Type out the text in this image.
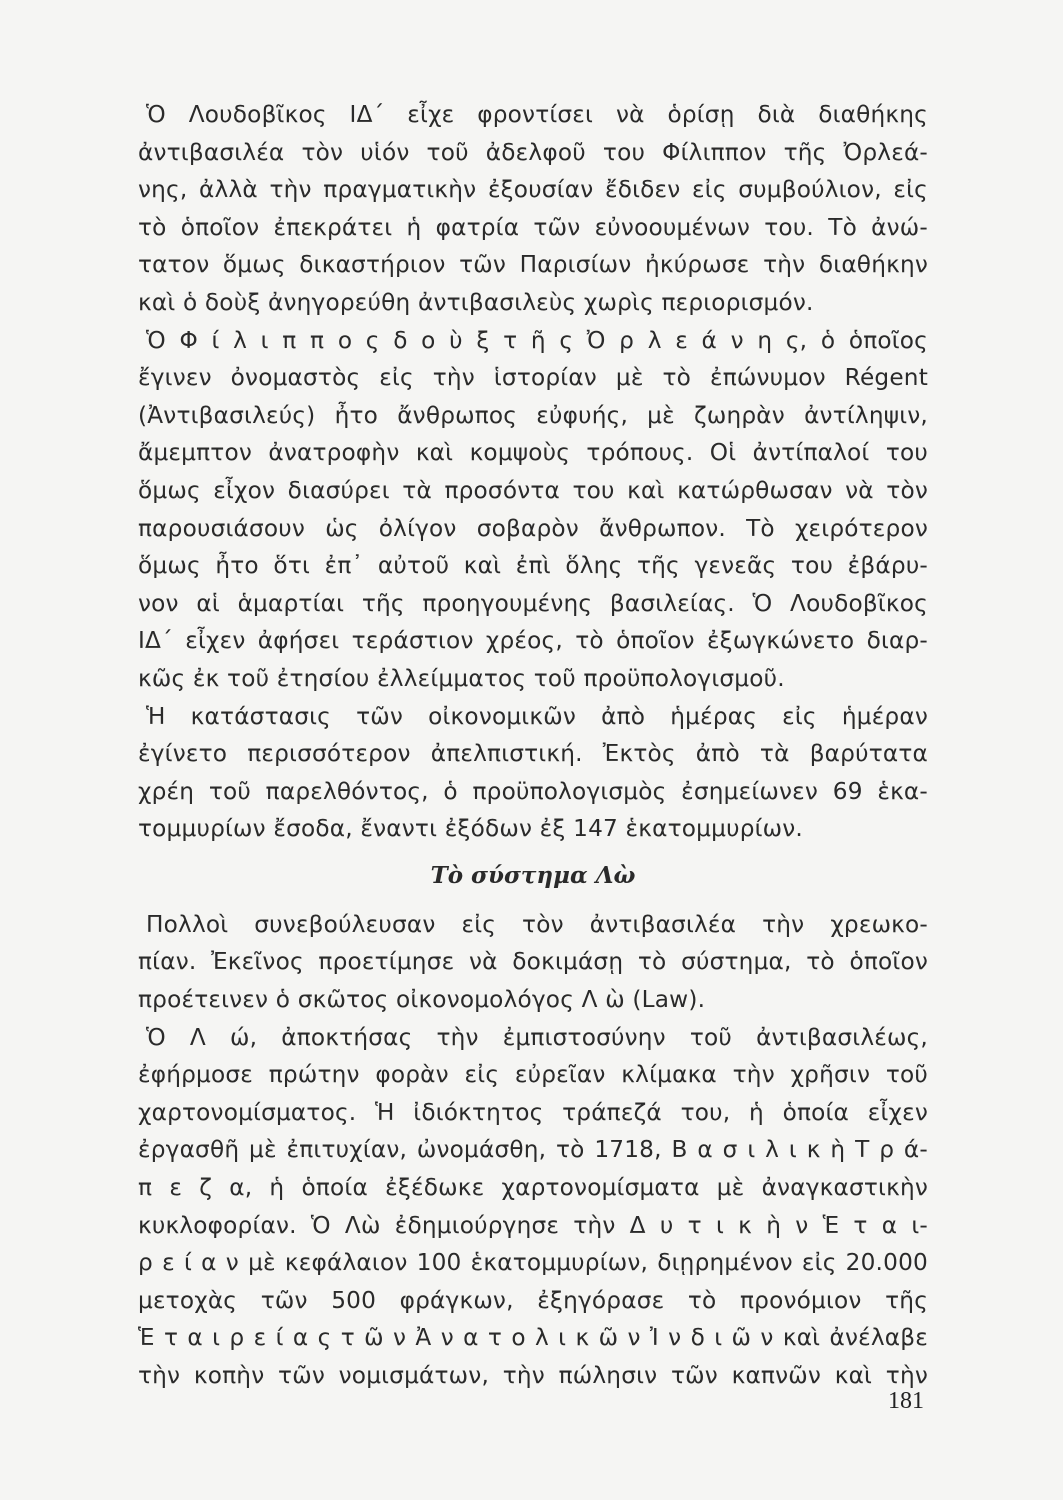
Ὁ Λουδοβῖκος ΙΔ΄ εἶχε φροντίσει νὰ ὁρίσῃ διὰ διαθήκης
ἀντιβασιλέα τὸν υἱόν τοῦ ἀδελφοῦ του Φίλιππον τῆς Ὀρλεά-
νης, ἀλλὰ τὴν πραγματικὴν ἐξουσίαν ἔδιδεν εἰς συμβούλιον, εἰς
τὸ ὁποῖον ἐπεκράτει ἡ φατρία τῶν εὐνοουμένων του. Τὸ ἀνώ-
τατον ὅμως δικαστήριον τῶν Παρισίων ἠκύρωσε τὴν διαθήκην
καὶ ὁ δοὺξ ἀνηγορεύθη ἀντιβασιλεὺς χωρὶς περιορισμόν.
Ὁ Φ ί λ ι π π ο ς δ ο ὺ ξ τ ῆ ς Ὀ ρ λ ε ά ν η ς, ὁ ὁποῖος
ἔγινεν ὀνομαστὸς εἰς τὴν ἱστορίαν μὲ τὸ ἐπώνυμον Régent
(Ἀντιβασιλεύς) ἦτο ἄνθρωπος εὐφυής, μὲ ζωηρὰν ἀντίληψιν,
ἄμεμπτον ἀνατροφὴν καὶ κομψοὺς τρόπους. Οἱ ἀντίπαλοί του
ὅμως εἶχον διασύρει τὰ προσόντα του καὶ κατώρθωσαν νὰ τὸν
παρουσιάσουν ὡς ὀλίγον σοβαρὸν ἄνθρωπον. Τὸ χειρότερον
ὅμως ἦτο ὅτι ἐπ᾽ αὐτοῦ καὶ ἐπὶ ὅλης τῆς γενεᾶς του ἐβάρυ-
νον αἱ ἁμαρτίαι τῆς προηγουμένης βασιλείας. Ὁ Λουδοβῖκος
ΙΔ΄ εἶχεν ἀφήσει τεράστιον χρέος, τὸ ὁποῖον ἐξωγκώνετο διαρ-
κῶς ἐκ τοῦ ἐτησίου ἐλλείμματος τοῦ προϋπολογισμοῦ.
Ἡ κατάστασις τῶν οἰκονομικῶν ἀπὸ ἡμέρας εἰς ἡμέραν
ἐγίνετο περισσότερον ἀπελπιστική. Ἐκτὸς ἀπὸ τὰ βαρύτατα
χρέη τοῦ παρελθόντος, ὁ προϋπολογισμὸς ἐσημείωνεν 69 ἑκα-
τομμυρίων ἔσοδα, ἔναντι ἐξόδων ἐξ 147 ἑκατομμυρίων.
Τὸ σύστημα Λὼ
Πολλοὶ συνεβούλευσαν εἰς τὸν ἀντιβασιλέα τὴν χρεωκο-
πίαν. Ἐκεῖνος προετίμησε νὰ δοκιμάσῃ τὸ σύστημα, τὸ ὁποῖον
προέτεινεν ὁ σκῶτος οἰκονομολόγος Λ ὼ (Law).
Ὁ Λ ώ, ἀποκτήσας τὴν ἐμπιστοσύνην τοῦ ἀντιβασιλέως,
ἐφήρμοσε πρώτην φορὰν εἰς εὐρεῖαν κλίμακα τὴν χρῆσιν τοῦ
χαρτονομίσματος. Ἡ ἰδιόκτητος τράπεζά του, ἡ ὁποία εἶχεν
ἐργασθῆ μὲ ἐπιτυχίαν, ὠνομάσθη, τὸ 1718, Β α σ ι λ ι κ ὴ Τ ρ ά-
π ε ζ α, ἡ ὁποία ἐξέδωκε χαρτονομίσματα μὲ ἀναγκαστικὴν
κυκλοφορίαν. Ὁ Λὼ ἐδημιούργησε τὴν Δ υ τ ι κ ὴ ν Ἑ τ α ι-
ρ ε ί α ν μὲ κεφάλαιον 100 ἑκατομμυρίων, διῃρημένον εἰς 20.000
μετοχὰς τῶν 500 φράγκων, ἐξηγόρασε τὸ προνόμιον τῆς
Ἑ τ α ι ρ ε ί α ς τ ῶ ν Ἀ ν α τ ο λ ι κ ῶ ν Ἰ ν δ ι ῶ ν καὶ ἀνέλαβε
τὴν κοπὴν τῶν νομισμάτων, τὴν πώλησιν τῶν καπνῶν καὶ τὴν
181
